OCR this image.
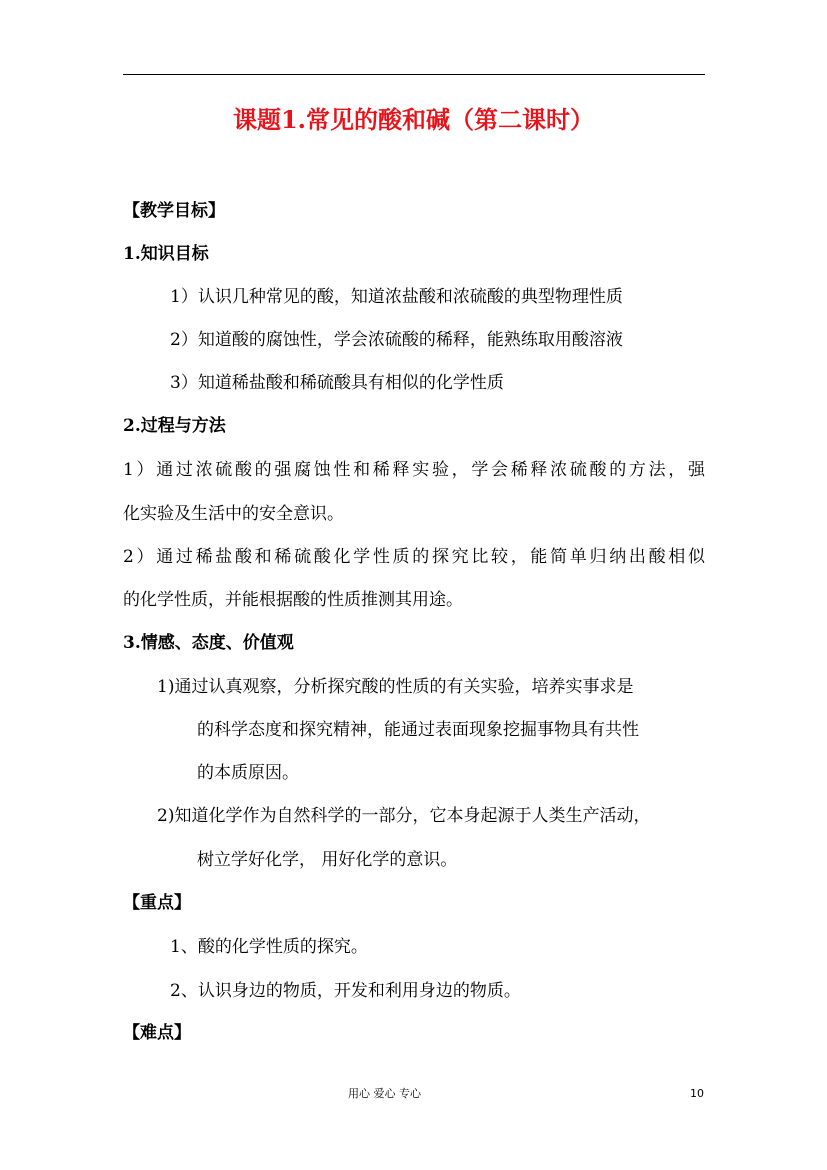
课题1.常见的酸和碱（第二课时）
【教学目标】
1.知识目标
1）认识几种常见的酸，知道浓盐酸和浓硫酸的典型物理性质
2）知道酸的腐蚀性，学会浓硫酸的稀释，能熟练取用酸溶液
3）知道稀盐酸和稀硫酸具有相似的化学性质
2.过程与方法
1）通过浓硫酸的强腐蚀性和稀释实验，学会稀释浓硫酸的方法，强
化实验及生活中的安全意识。
2）通过稀盐酸和稀硫酸化学性质的探究比较，能简单归纳出酸相似
的化学性质，并能根据酸的性质推测其用途。
3.情感、态度、价值观
1)通过认真观察，分析探究酸的性质的有关实验，培养实事求是
的科学态度和探究精神，能通过表面现象挖掘事物具有共性
的本质原因。
2)知道化学作为自然科学的一部分，它本身起源于人类生产活动，
树立学好化学， 用好化学的意识。
【重点】
1、酸的化学性质的探究。
2、认识身边的物质，开发和利用身边的物质。
【难点】
用心 爱心 专心	10
